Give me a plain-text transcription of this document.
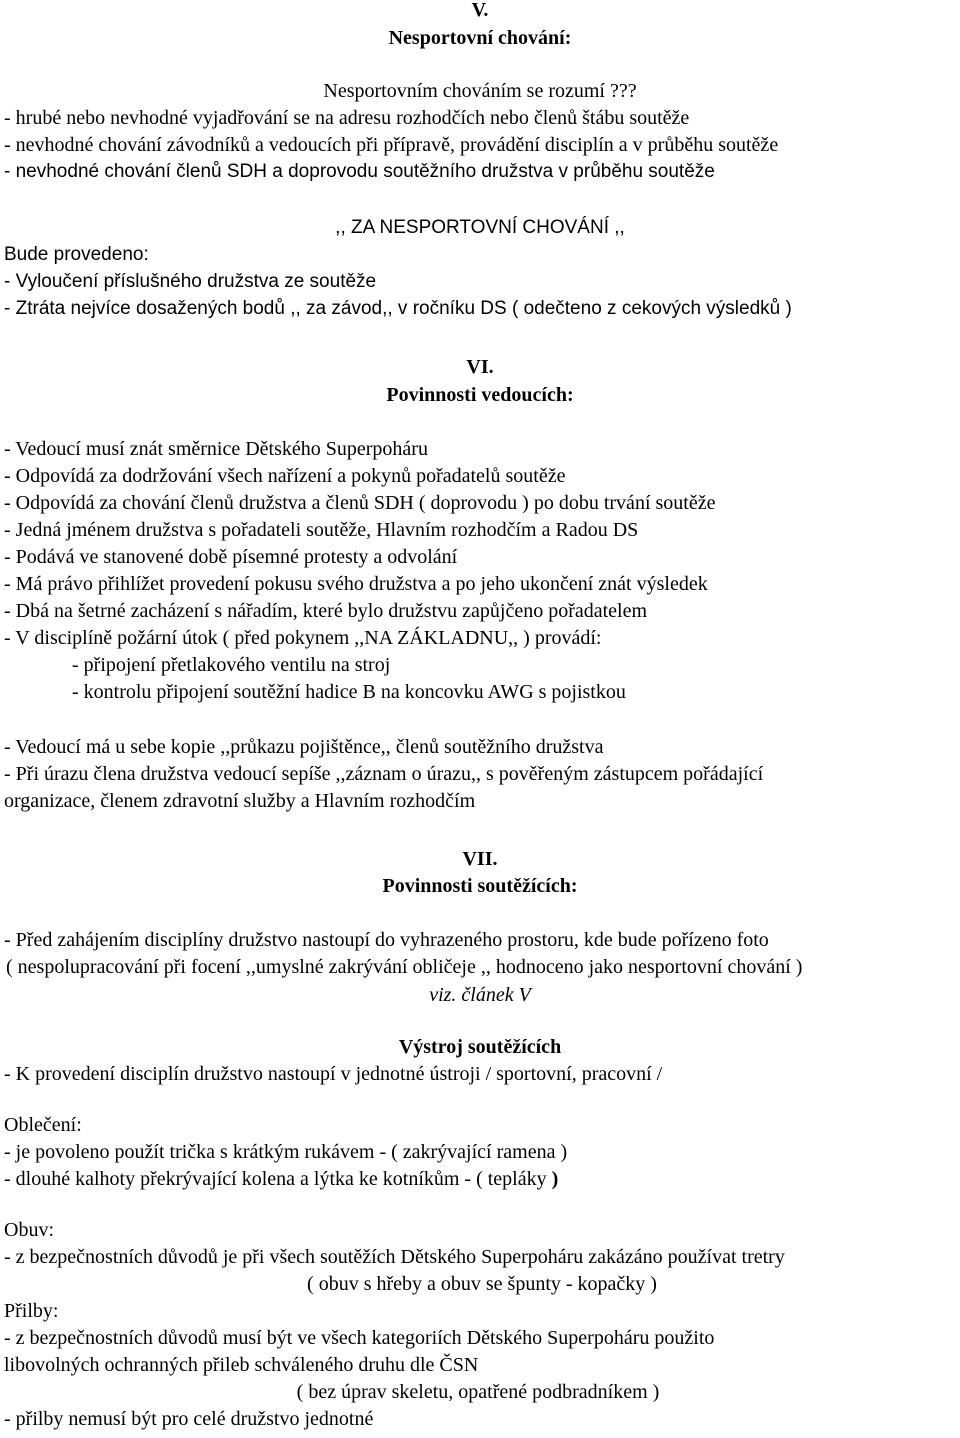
V.
Nesportovní chování:
Nesportovním chováním se rozumí ???
- hrubé nebo nevhodné vyjadřování se na adresu rozhodčích nebo členů štábu soutěže
- nevhodné chování závodníků a vedoucích při přípravě, provádění disciplín a v průběhu soutěže
- nevhodné chování členů SDH a doprovodu soutěžního družstva v průběhu soutěže
,, ZA NESPORTOVNÍ CHOVÁNÍ ,,
Bude provedeno:
- Vyloučení příslušného družstva ze soutěže
- Ztráta nejvíce dosažených bodů ,, za závod,, v ročníku DS ( odečteno z cekových výsledků )
VI.
Povinnosti vedoucích:
- Vedoucí musí znát směrnice Dětského Superpoháru
- Odpovídá za dodržování všech nařízení a pokynů pořadatelů soutěže
- Odpovídá za chování členů družstva a členů SDH ( doprovodu ) po dobu trvání soutěže
- Jedná jménem družstva s pořadateli soutěže, Hlavním rozhodčím a Radou DS
- Podává ve stanovené době písemné protesty a odvolání
- Má právo přihlížet provedení pokusu svého družstva a po jeho ukončení znát výsledek
- Dbá na šetrné zacházení s nářadím, které bylo družstvu zapůjčeno pořadatelem
- V disciplíně požární útok ( před pokynem ,,NA ZÁKLADNU,, ) provádí:
- připojení přetlakového ventilu na stroj
- kontrolu připojení soutěžní hadice B na koncovku AWG s pojistkou
- Vedoucí má u sebe kopie ,,průkazu pojištěnce,, členů soutěžního družstva
- Při úrazu člena družstva vedoucí sepíše ,,záznam o úrazu,, s pověřeným zástupcem pořádající
organizace, členem zdravotní služby a Hlavním rozhodčím
VII.
Povinnosti soutěžících:
- Před zahájením disciplíny družstvo nastoupí do vyhrazeného prostoru, kde bude pořízeno foto
( nespolupracování při focení ,,umyslné zakrývání obličeje ,, hodnoceno jako nesportovní chování )
viz. článek V
Výstroj soutěžících
- K provedení disciplín družstvo nastoupí v jednotné ústroji / sportovní, pracovní /
Oblečení:
- je povoleno použít trička s krátkým rukávem - ( zakrývající ramena )
- dlouhé kalhoty překrývající kolena a lýtka ke kotníkům - ( tepláky )
Obuv:
- z bezpečnostních důvodů je při všech soutěžích Dětského Superpoháru zakázáno používat tretry
( obuv s hřeby a obuv se špunty - kopačky )
Přilby:
- z bezpečnostních důvodů musí být ve všech kategoriích Dětského Superpoháru použito
libovolných ochranných přileb schváleného druhu dle ČSN
( bez úprav skeletu, opatřené podbradníkem )
- přilby nemusí být pro celé družstvo jednotné
